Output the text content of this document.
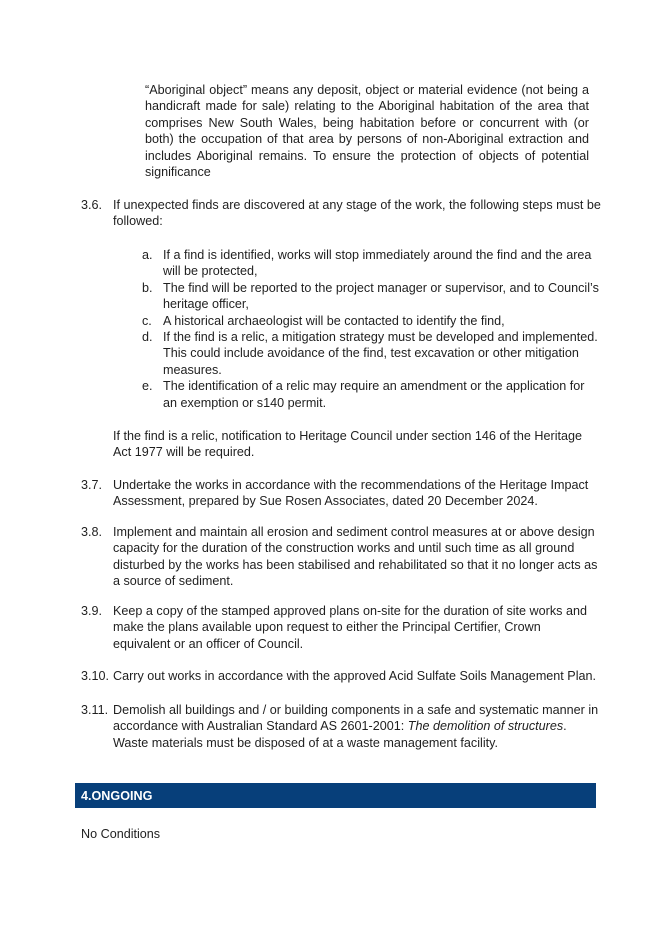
“Aboriginal object” means any deposit, object or material evidence (not being a handicraft made for sale) relating to the Aboriginal habitation of the area that comprises New South Wales, being habitation before or concurrent with (or both) the occupation of that area by persons of non-Aboriginal extraction and includes Aboriginal remains. To ensure the protection of objects of potential significance
3.6. If unexpected finds are discovered at any stage of the work, the following steps must be followed:
a. If a find is identified, works will stop immediately around the find and the area will be protected,
b. The find will be reported to the project manager or supervisor, and to Council’s heritage officer,
c. A historical archaeologist will be contacted to identify the find,
d. If the find is a relic, a mitigation strategy must be developed and implemented. This could include avoidance of the find, test excavation or other mitigation measures.
e. The identification of a relic may require an amendment or the application for an exemption or s140 permit.
If the find is a relic, notification to Heritage Council under section 146 of the Heritage Act 1977 will be required.
3.7. Undertake the works in accordance with the recommendations of the Heritage Impact Assessment, prepared by Sue Rosen Associates, dated 20 December 2024.
3.8. Implement and maintain all erosion and sediment control measures at or above design capacity for the duration of the construction works and until such time as all ground disturbed by the works has been stabilised and rehabilitated so that it no longer acts as a source of sediment.
3.9. Keep a copy of the stamped approved plans on-site for the duration of site works and make the plans available upon request to either the Principal Certifier, Crown equivalent or an officer of Council.
3.10. Carry out works in accordance with the approved Acid Sulfate Soils Management Plan.
3.11. Demolish all buildings and / or building components in a safe and systematic manner in accordance with Australian Standard AS 2601-2001: The demolition of structures. Waste materials must be disposed of at a waste management facility.
4.ONGOING
No Conditions
